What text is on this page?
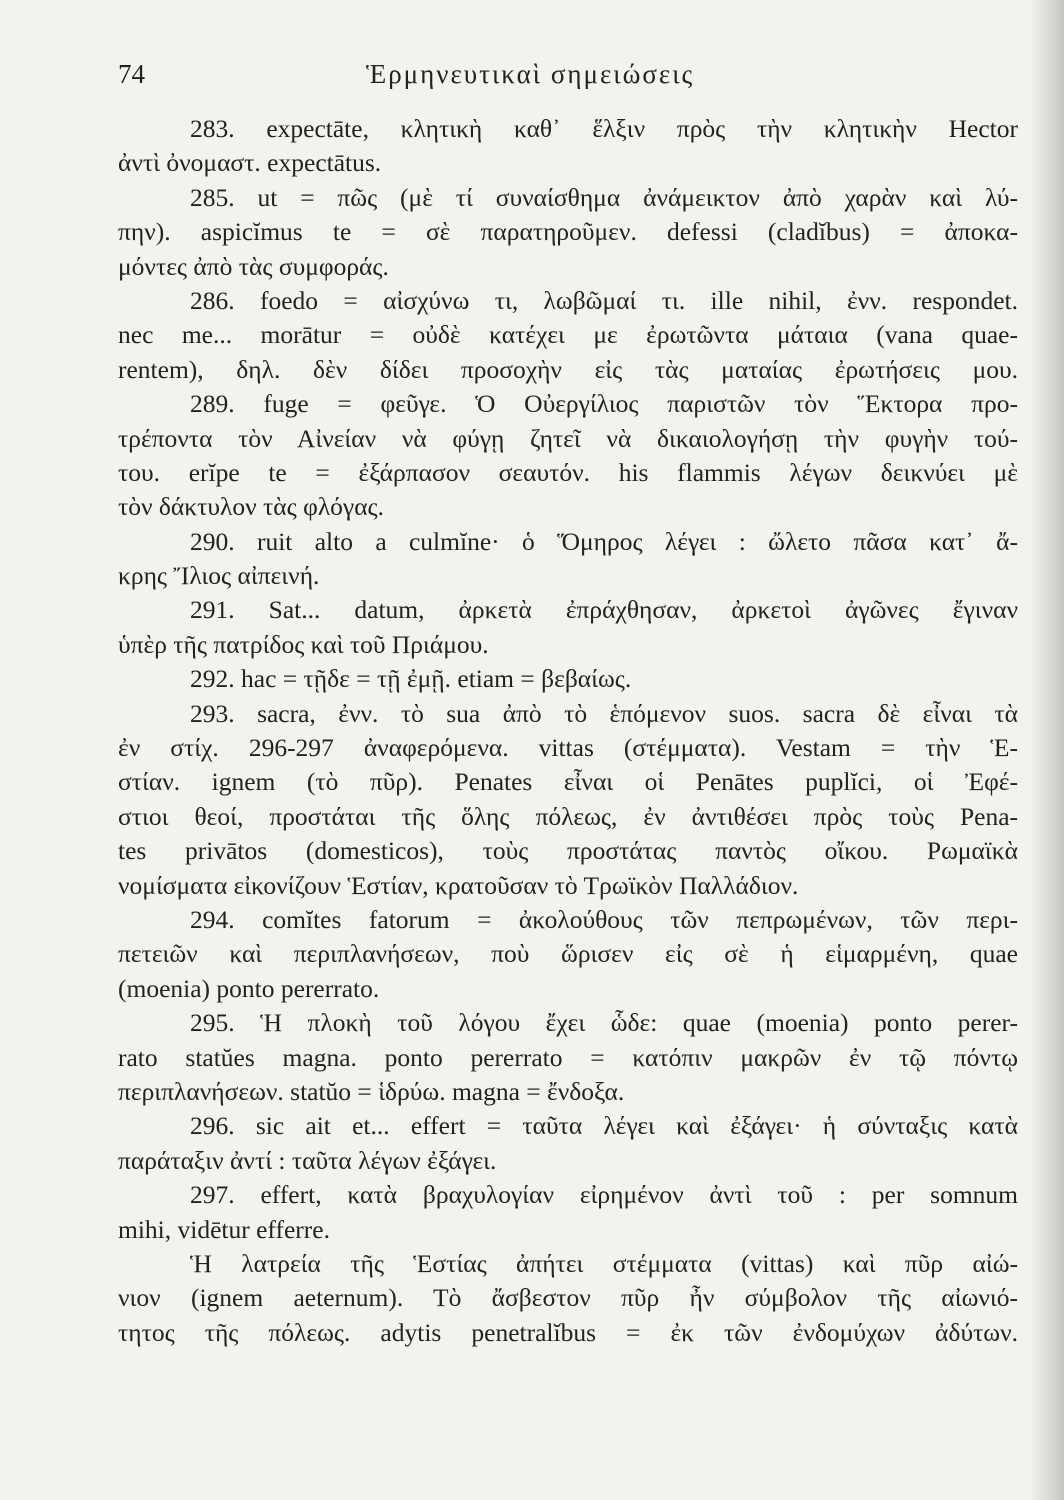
74	Ἑρμηνευτικαὶ σημειώσεις
283. expectāte, κλητικὴ καθ᾽ ἕλξιν πρὸς τὴν κλητικὴν Hector
ἀντὶ ὀνομαστ. expectātus.
285. ut = πῶς (μὲ τί συναίσθημα ἀνάμεικτον ἀπὸ χαρὰν καὶ λύ-
πην). aspicĭmus te = σὲ παρατηροῦμεν. defessi (cladĭbus) = ἀποκα-
μόντες ἀπὸ τὰς συμφοράς.
286. foedo = αἰσχύνω τι, λωβῶμαί τι. ille nihil, ἐνν. respondet.
nec me... morātur = οὐδὲ κατέχει με ἐρωτῶντα μάταια (vana quae-
rentem), δηλ. δὲν δίδει προσοχὴν εἰς τὰς ματαίας ἐρωτήσεις μου.
289. fuge = φεῦγε. Ὁ Οὐεργίλιος παριστῶν τὸν Ἕκτορα προ-
τρέποντα τὸν Αἰνείαν νὰ φύγῃ ζητεῖ νὰ δικαιολογήσῃ τὴν φυγὴν τού-
του. erĭpe te = ἐξάρπασον σεαυτόν. his flammis λέγων δεικνύει μὲ
τὸν δάκτυλον τὰς φλόγας.
290. ruit alto a culmĭne· ὁ Ὅμηρος λέγει : ὤλετο πᾶσα κατ᾽ ἄ-
κρης Ἴλιος αἰπεινή.
291. Sat... datum, ἀρκετὰ ἐπράχθησαν, ἀρκετοὶ ἀγῶνες ἔγιναν
ὑπὲρ τῆς πατρίδος καὶ τοῦ Πριάμου.
292. hac = τῇδε = τῇ ἐμῇ. etiam = βεβαίως.
293. sacra, ἐνν. τὸ sua ἀπὸ τὸ ἑπόμενον suos. sacra δὲ εἶναι τὰ
ἐν στίχ. 296-297 ἀναφερόμενα. vittas (στέμματα). Vestam = τὴν Ἑ-
στίαν. ignem (τὸ πῦρ). Penates εἶναι οἱ Penātes puplĭci, οἱ Ἐφέ-
στιοι θεοί, προστάται τῆς ὅλης πόλεως, ἐν ἀντιθέσει πρὸς τοὺς Pena-
tes privātos (domesticos), τοὺς προστάτας παντὸς οἴκου. Ρωμαϊκὰ
νομίσματα εἰκονίζουν Ἑστίαν, κρατοῦσαν τὸ Τρωϊκὸν Παλλάδιον.
294. comĭtes fatorum = ἀκολούθους τῶν πεπρωμένων, τῶν περι-
πετειῶν καὶ περιπλανήσεων, ποὺ ὥρισεν εἰς σὲ ἡ εἱμαρμένη, quae
(moenia) ponto pererrato.
295. Ἡ πλοκὴ τοῦ λόγου ἔχει ὧδε: quae (moenia) ponto perer-
rato statŭes magna. ponto pererrato = κατόπιν μακρῶν ἐν τῷ πόντῳ
περιπλανήσεων. statŭo = ἱδρύω. magna = ἔνδοξα.
296. sic ait et... effert = ταῦτα λέγει καὶ ἐξάγει· ἡ σύνταξις κατὰ
παράταξιν ἀντί : ταῦτα λέγων ἐξάγει.
297. effert, κατὰ βραχυλογίαν εἰρημένον ἀντὶ τοῦ : per somnum
mihi, vidētur efferre.
Ἡ λατρεία τῆς Ἑστίας ἀπήτει στέμματα (vittas) καὶ πῦρ αἰώ-
νιον (ignem aeternum). Τὸ ἄσβεστον πῦρ ἦν σύμβολον τῆς αἰωνιό-
τητος τῆς πόλεως. adytis penetralĭbus = ἐκ τῶν ἐνδομύχων ἀδύτων.
